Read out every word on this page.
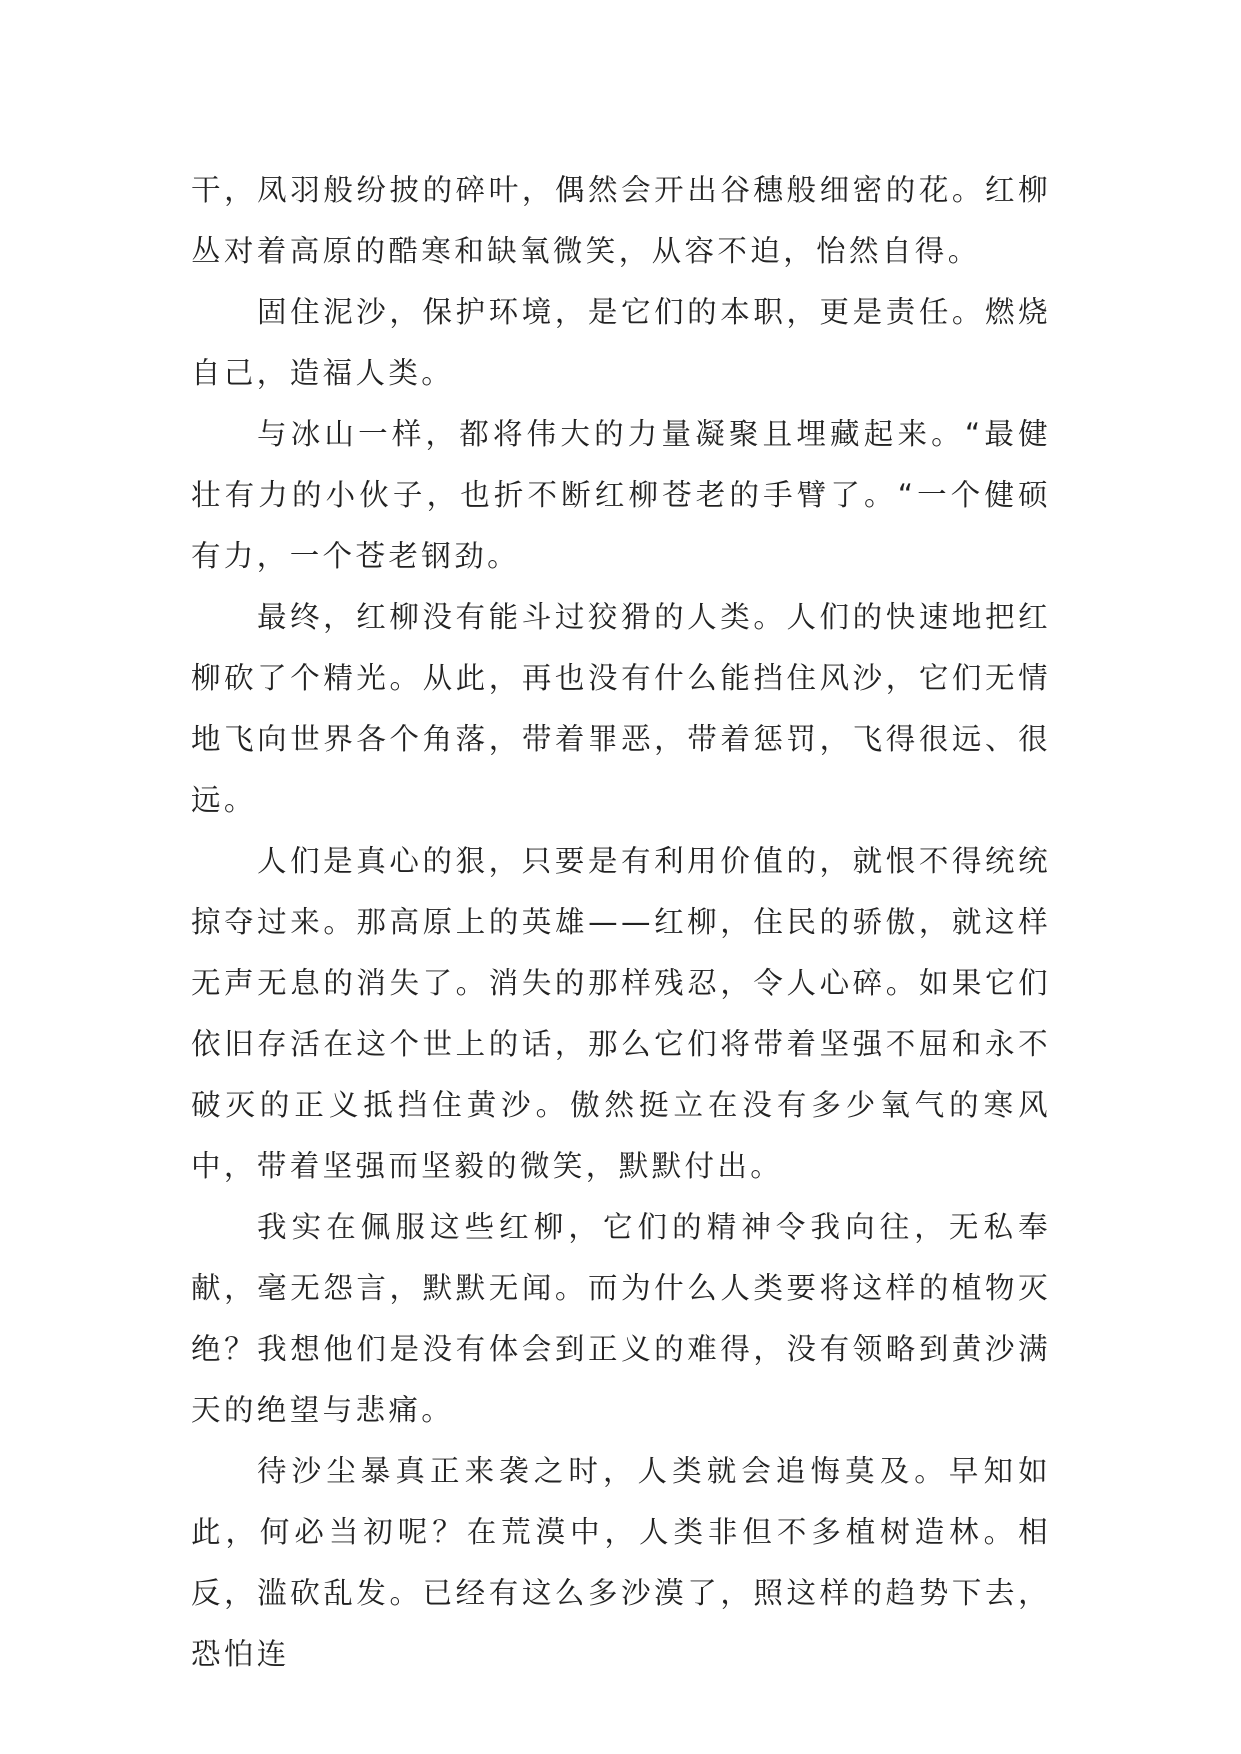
干，凤羽般纷披的碎叶，偶然会开出谷穗般细密的花。红柳丛对着高原的酷寒和缺氧微笑，从容不迫，怡然自得。

固住泥沙，保护环境，是它们的本职，更是责任。燃烧自己，造福人类。

与冰山一样，都将伟大的力量凝聚且埋藏起来。“最健壮有力的小伙子，也折不断红柳苍老的手臂了。“一个健硕有力，一个苍老钢劲。

最终，红柳没有能斗过狡猾的人类。人们的快速地把红柳砍了个精光。从此，再也没有什么能挡住风沙，它们无情地飞向世界各个角落，带着罪恶，带着惩罚，飞得很远、很远。

人们是真心的狠，只要是有利用价值的，就恨不得统统掠夺过来。那高原上的英雄——红柳，住民的骄傲，就这样无声无息的消失了。消失的那样残忍，令人心碎。如果它们依旧存活在这个世上的话，那么它们将带着坚强不屈和永不破灭的正义抵挡住黄沙。傲然挺立在没有多少氧气的寒风中，带着坚强而坚毅的微笑，默默付出。

我实在佩服这些红柳，它们的精神令我向往，无私奉献，毫无怨言，默默无闻。而为什么人类要将这样的植物灭绝？我想他们是没有体会到正义的难得，没有领略到黄沙满天的绝望与悲痛。

待沙尘暴真正来袭之时，人类就会追悔莫及。早知如此，何必当初呢？在荒漠中，人类非但不多植树造林。相反，滥砍乱发。已经有这么多沙漠了，照这样的趋势下去，恐怕连
